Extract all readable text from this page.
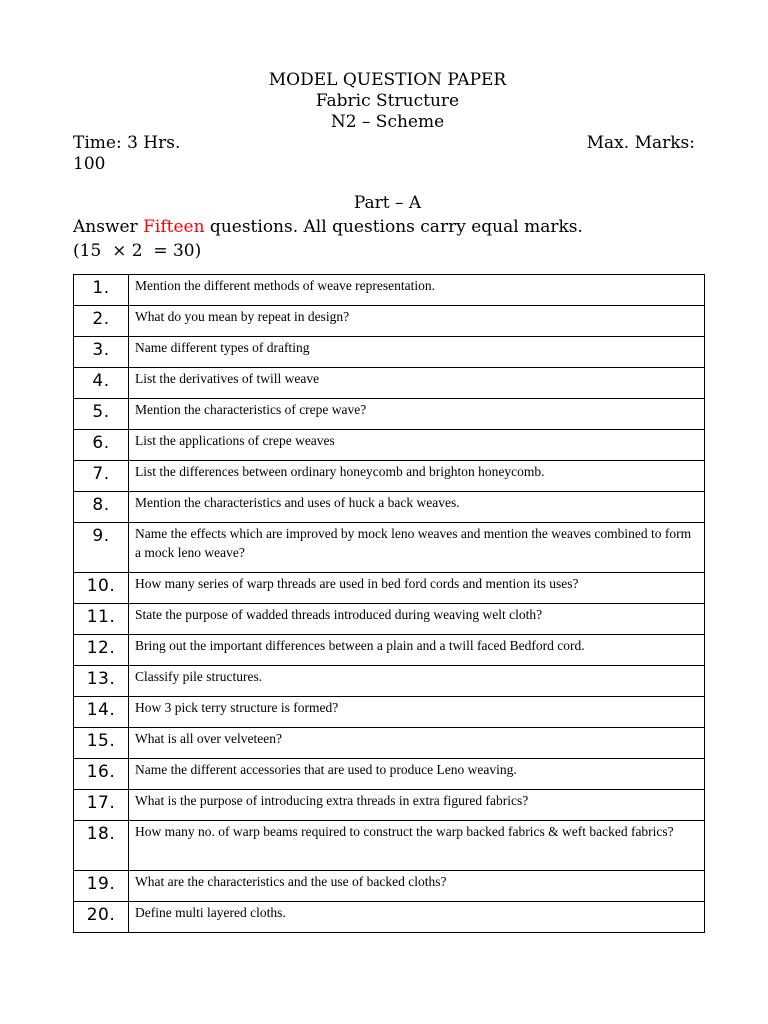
MODEL QUESTION PAPER
Fabric Structure
N2 – Scheme
Time: 3 Hrs.	Max. Marks:
100
Part – A
Answer Fifteen questions. All questions carry equal marks.
(15  × 2  = 30)
1.	Mention the different methods of weave representation.
2.	What do you mean by repeat in design?
3.	Name different types of drafting
4.	List the derivatives of twill weave
5.	Mention the characteristics of crepe wave?
6.	List the applications of crepe weaves
7.	List the differences between ordinary honeycomb and brighton honeycomb.
8.	Mention the characteristics and uses of huck a back weaves.
9.	Name the effects which are improved by mock leno weaves and mention the weaves combined to form a mock leno weave?
10.	How many series of warp threads are used in bed ford cords and mention its uses?
11.	State the purpose of wadded threads introduced during weaving welt cloth?
12.	Bring out the important differences between a plain and a twill faced Bedford cord.
13.	Classify pile structures.
14.	How 3 pick terry structure is formed?
15.	What is all over velveteen?
16.	Name the different accessories that are used to produce Leno weaving.
17.	What is the purpose of introducing extra threads in extra figured fabrics?
18.	How many no. of warp beams required to construct the warp backed fabrics & weft backed fabrics?
19.	What are the characteristics and the use of backed cloths?
20.	Define multi layered cloths.
